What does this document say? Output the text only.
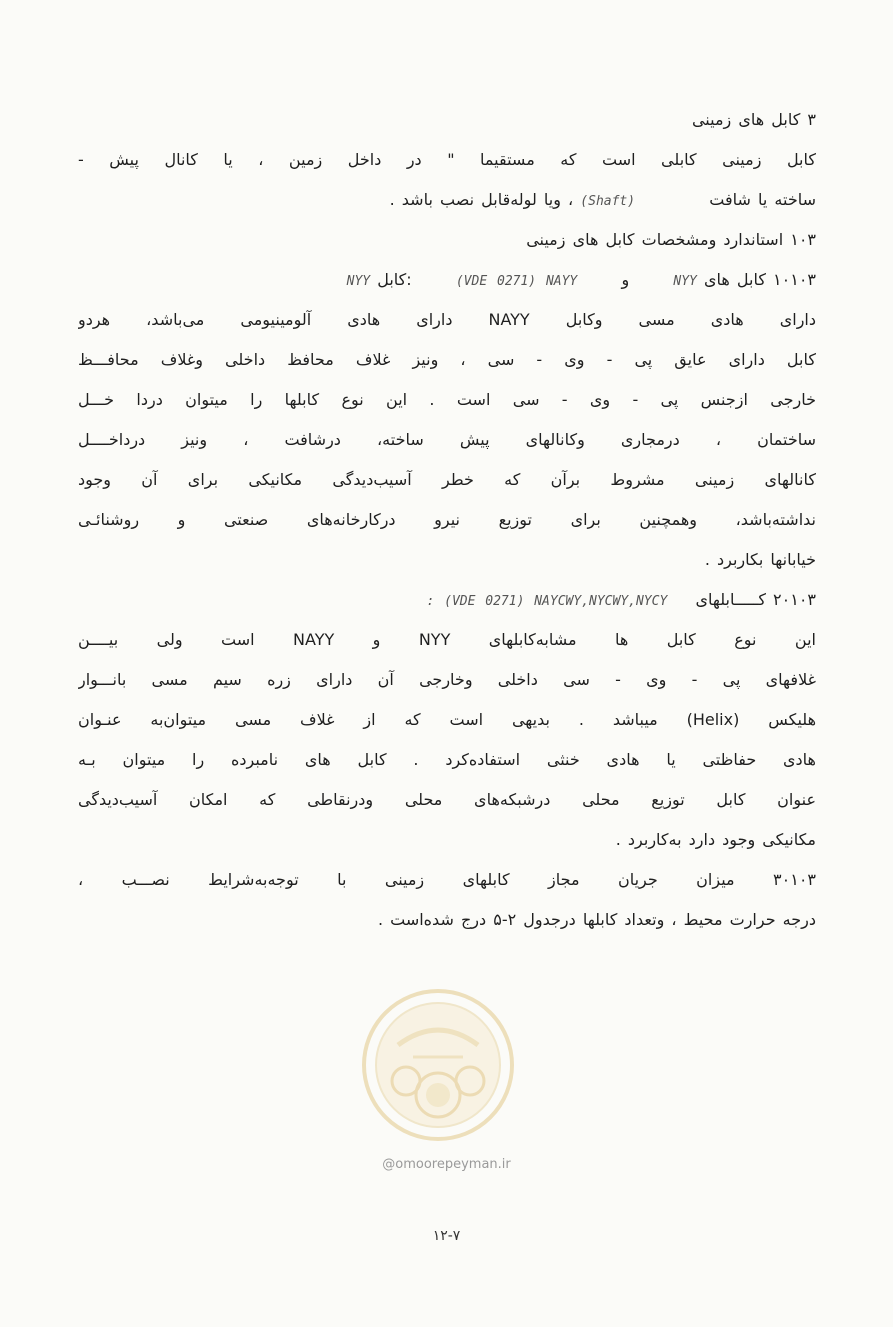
۳ کابل های زمینی
کابل زمینی کابلی است که مستقیما " در داخل زمین ، یا کانال پیش -
ساخته یا شافت  (Shaft) ، ویا لوله‌قابل نصب باشد .
۱۰۳ استاندارد ومشخصات کابل های زمینی
۱۰۱۰۳ کابل های NYY  و  (VDE 0271) NAYY  :کابل NYY
دارای هادی مسی وکابل NAYY دارای هادی آلومینیومی می‌باشد، هردو
کابل دارای عایق پی - وی - سی ، ونیز غلاف محافظ داخلی وغلاف محافـــظ
خارجی ازجنس پی - وی - سی است . این نوع کابلها را میتوان دردا خـــل
ساختمان ، درمجاری وکانالهای پیش ساخته، درشافت ، ونیز درداخــــل
کانالهای زمینی مشروط برآن که خطر آسیب‌دیدگی مکانیکی برای آن وجود
نداشته‌باشد، وهمچنین برای توزیع نیرو درکارخانه‌های صنعتی و روشنائـی
خیابانها بکاربرد .
۲۰۱۰۳ کـــــابلهای  : (VDE 0271) NAYCWY,NYCWY,NYCY
این نوع کابل ها مشابه‌کابلهای NYY و NAYY است ولی بیــــن
غلافهای پی - وی - سی داخلی وخارجی آن دارای زره سیم مسی بانـــوار
هلیکس (Helix) میباشد . بدیهی است که از غلاف مسی میتوان‌به عنـوان
هادی حفاظتی یا هادی خنثی استفاده‌کرد . کابل های نامبرده را میتوان بـه
عنوان کابل توزیع محلی درشبکه‌های محلی ودرنقاطی که امکان آسیب‌دیدگی
مکانیکی وجود دارد به‌کاربرد .
۳۰۱۰۳ میزان جریان مجاز کابلهای زمینی با توجه‌به‌شرایط نصـــب ،
درجه حرارت محیط ، وتعداد کابلها درجدول ۲-۵ درج شده‌است .
@omoorepeyman.ir
۱۲-۷
